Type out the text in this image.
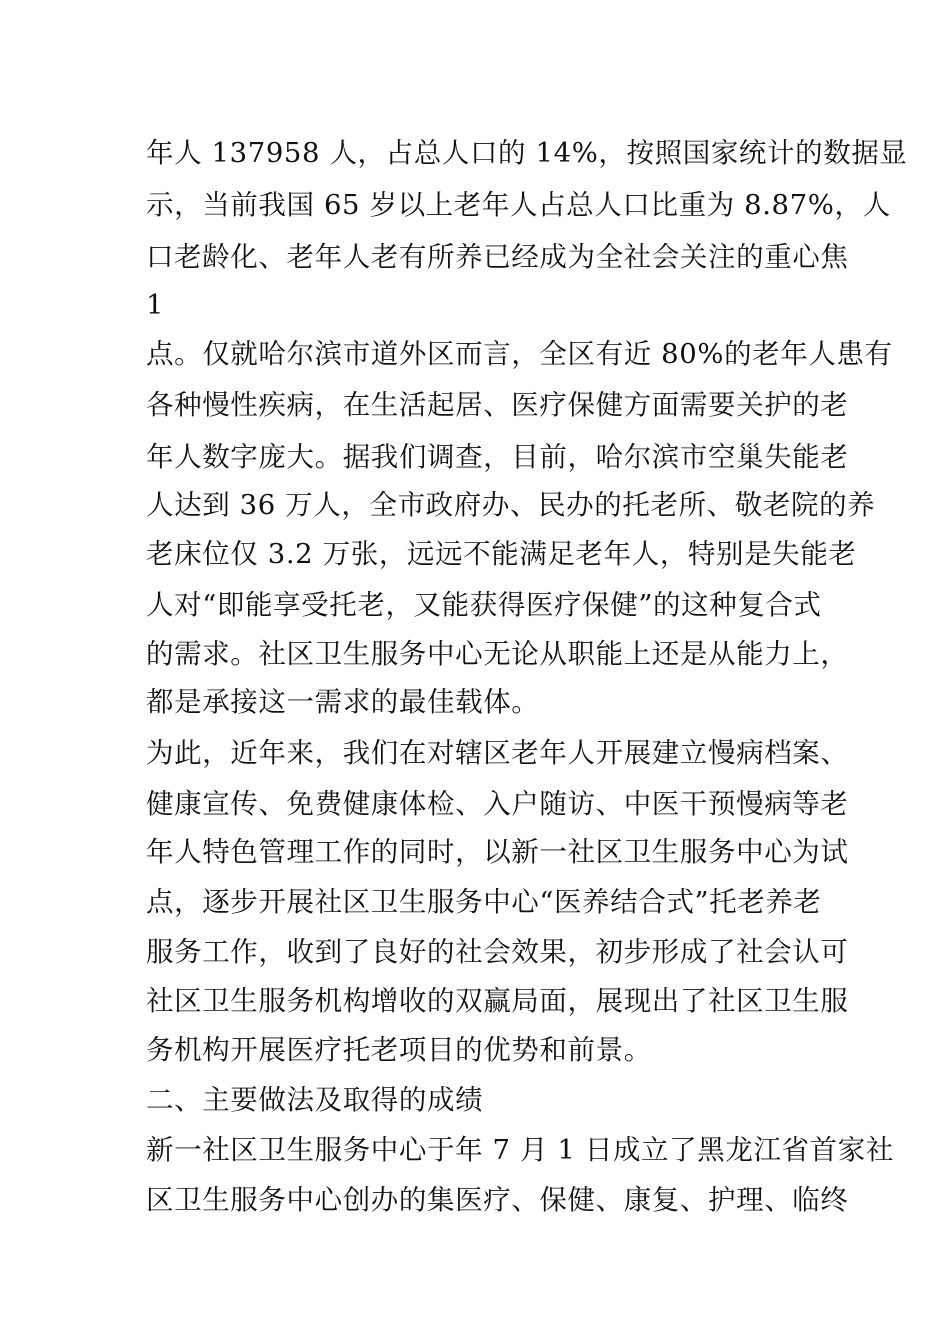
年人 137958 人，占总人口的 14%，按照国家统计的数据显
示，当前我国 65 岁以上老年人占总人口比重为 8.87%，人
口老龄化、老年人老有所养已经成为全社会关注的重心焦
1
点。仅就哈尔滨市道外区而言，全区有近 80%的老年人患有
各种慢性疾病，在生活起居、医疗保健方面需要关护的老
年人数字庞大。据我们调查，目前，哈尔滨市空巢失能老
人达到 36 万人，全市政府办、民办的托老所、敬老院的养
老床位仅 3.2 万张，远远不能满足老年人，特别是失能老
人对“即能享受托老，又能获得医疗保健”的这种复合式
的需求。社区卫生服务中心无论从职能上还是从能力上，
都是承接这一需求的最佳载体。
为此，近年来，我们在对辖区老年人开展建立慢病档案、
健康宣传、免费健康体检、入户随访、中医干预慢病等老
年人特色管理工作的同时，以新一社区卫生服务中心为试
点，逐步开展社区卫生服务中心“医养结合式”托老养老
服务工作，收到了良好的社会效果，初步形成了社会认可
社区卫生服务机构增收的双赢局面，展现出了社区卫生服
务机构开展医疗托老项目的优势和前景。
二、主要做法及取得的成绩
新一社区卫生服务中心于年 7 月 1 日成立了黑龙江省首家社
区卫生服务中心创办的集医疗、保健、康复、护理、临终
